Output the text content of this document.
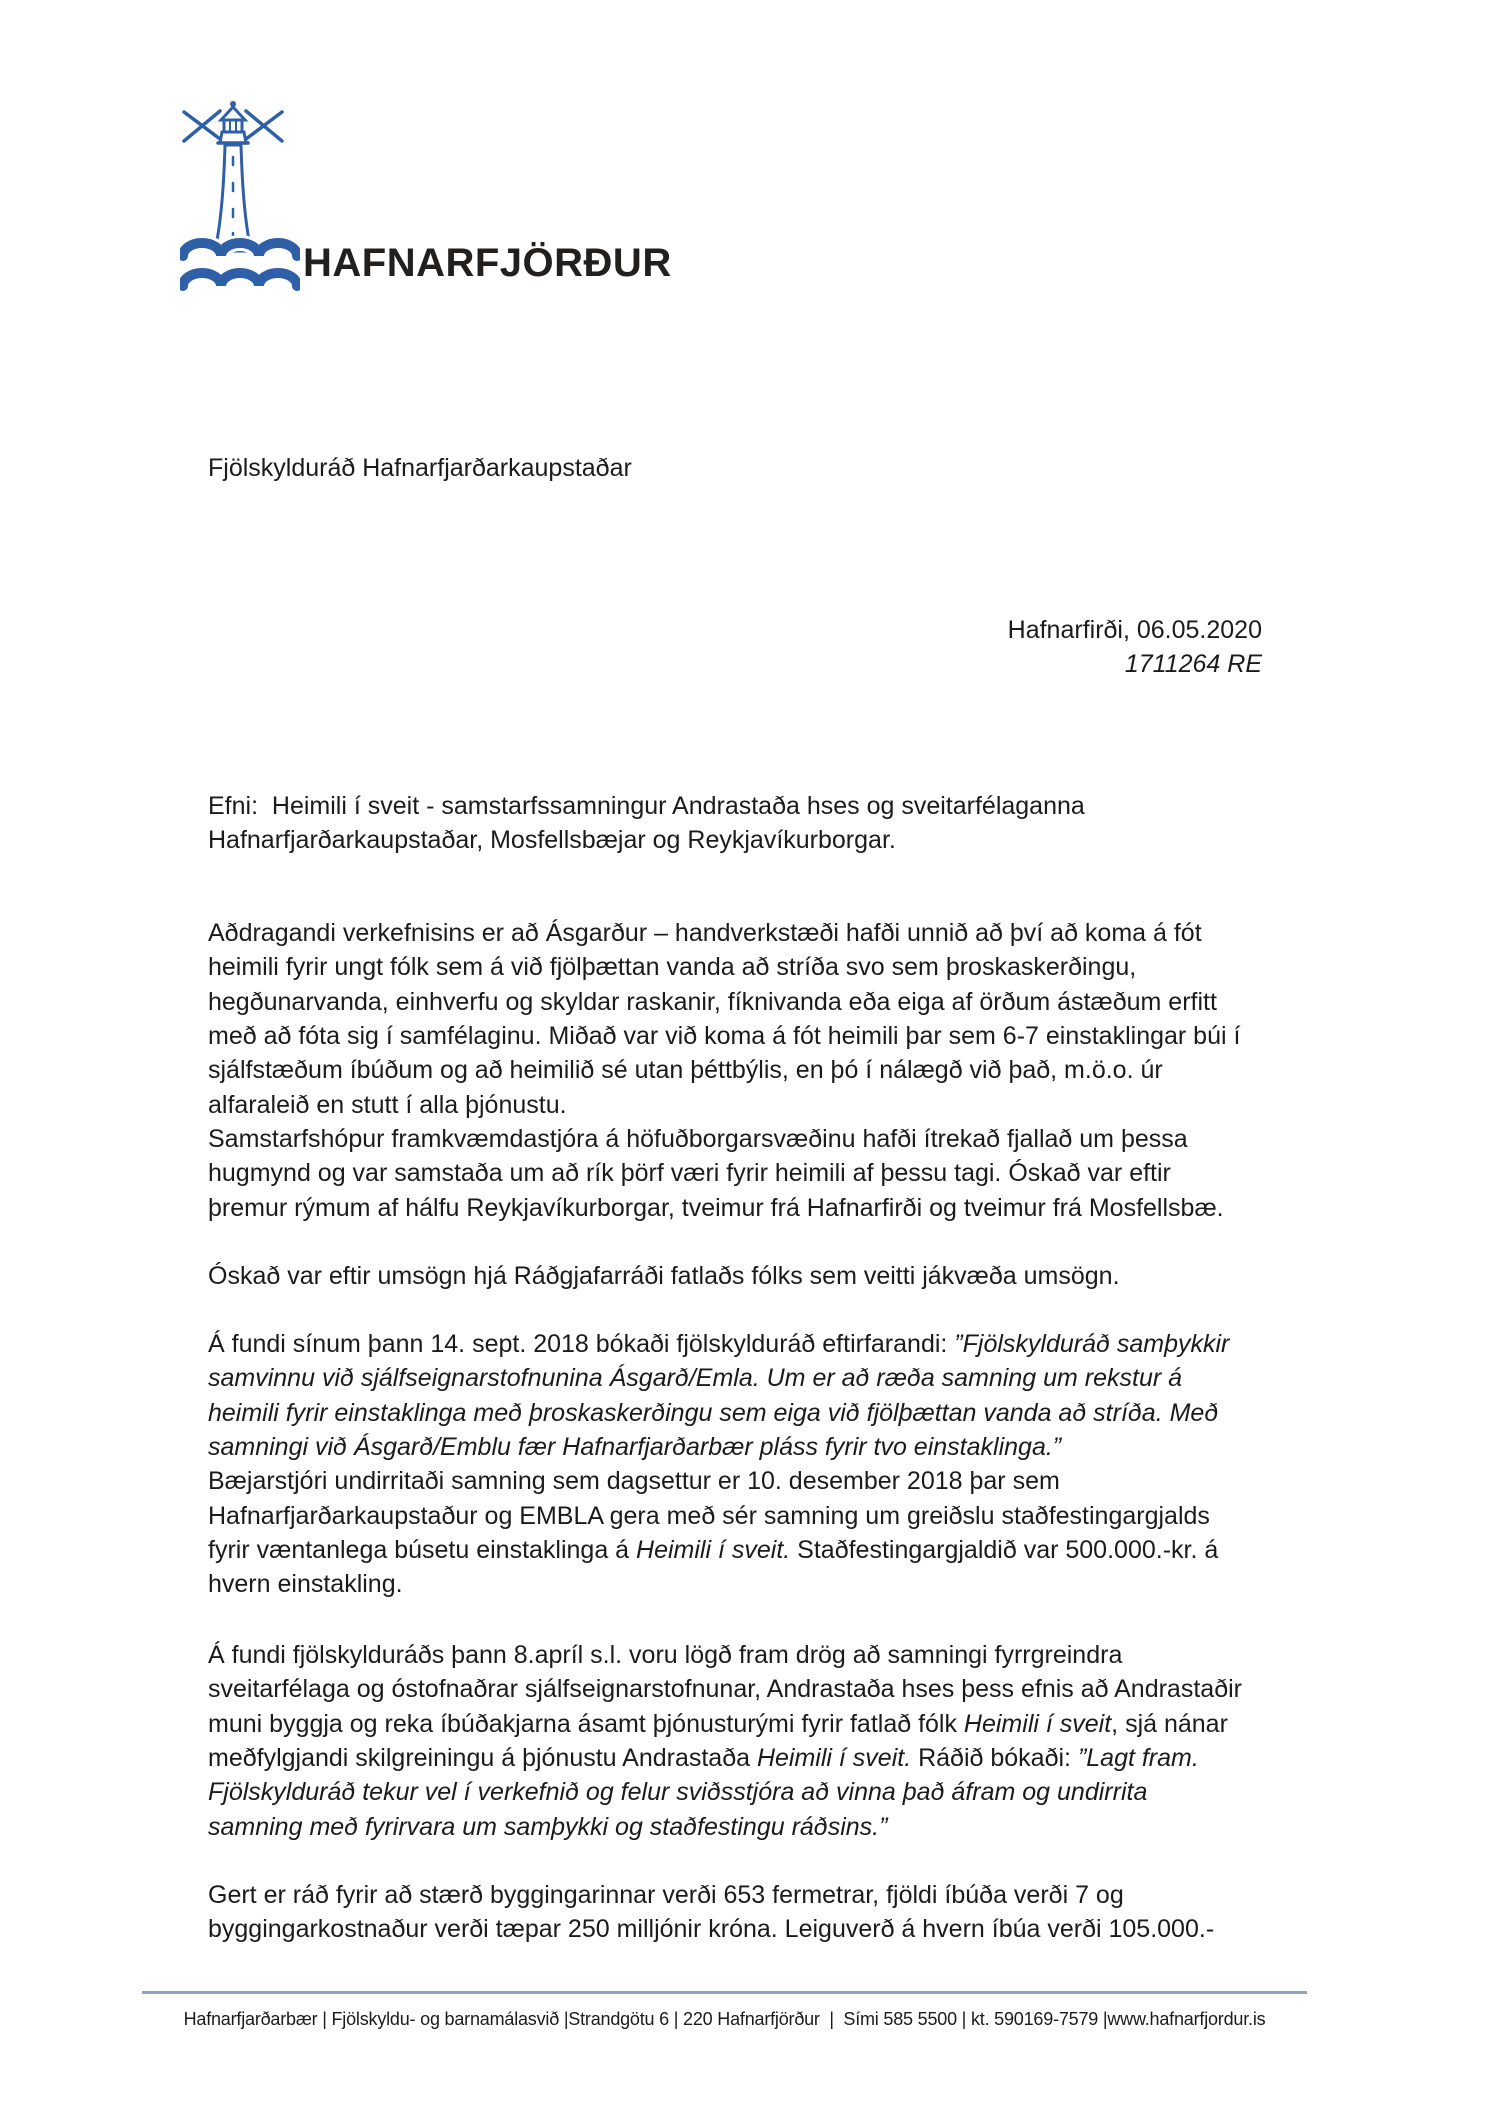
HAFNARFJÖRÐUR
Fjölskylduráð Hafnarfjarðarkaupstaðar
Hafnarfirði, 06.05.2020
1711264 RE
Efni:  Heimili í sveit - samstarfssamningur Andrastaða hses og sveitarfélaganna
Hafnarfjarðarkaupstaðar, Mosfellsbæjar og Reykjavíkurborgar.
Aðdragandi verkefnisins er að Ásgarður – handverkstæði hafði unnið að því að koma á fót
heimili fyrir ungt fólk sem á við fjölþættan vanda að stríða svo sem þroskaskerðingu,
hegðunarvanda, einhverfu og skyldar raskanir, fíknivanda eða eiga af örðum ástæðum erfitt
með að fóta sig í samfélaginu. Miðað var við koma á fót heimili þar sem 6-7 einstaklingar búi í
sjálfstæðum íbúðum og að heimilið sé utan þéttbýlis, en þó í nálægð við það, m.ö.o. úr
alfaraleið en stutt í alla þjónustu.
Samstarfshópur framkvæmdastjóra á höfuðborgarsvæðinu hafði ítrekað fjallað um þessa
hugmynd og var samstaða um að rík þörf væri fyrir heimili af þessu tagi. Óskað var eftir
þremur rýmum af hálfu Reykjavíkurborgar, tveimur frá Hafnarfirði og tveimur frá Mosfellsbæ.
Óskað var eftir umsögn hjá Ráðgjafarráði fatlaðs fólks sem veitti jákvæða umsögn.
Á fundi sínum þann 14. sept. 2018 bókaði fjölskylduráð eftirfarandi: ”Fjölskylduráð samþykkir
samvinnu við sjálfseignarstofnunina Ásgarð/Emla. Um er að ræða samning um rekstur á
heimili fyrir einstaklinga með þroskaskerðingu sem eiga við fjölþættan vanda að stríða. Með
samningi við Ásgarð/Emblu fær Hafnarfjarðarbær pláss fyrir tvo einstaklinga.”
Bæjarstjóri undirritaði samning sem dagsettur er 10. desember 2018 þar sem
Hafnarfjarðarkaupstaður og EMBLA gera með sér samning um greiðslu staðfestingargjalds
fyrir væntanlega búsetu einstaklinga á Heimili í sveit. Staðfestingargjaldið var 500.000.-kr. á
hvern einstakling.
Á fundi fjölskylduráðs þann 8.apríl s.l. voru lögð fram drög að samningi fyrrgreindra
sveitarfélaga og óstofnaðrar sjálfseignarstofnunar, Andrastaða hses þess efnis að Andrastaðir
muni byggja og reka íbúðakjarna ásamt þjónusturými fyrir fatlað fólk Heimili í sveit, sjá nánar
meðfylgjandi skilgreiningu á þjónustu Andrastaða Heimili í sveit. Ráðið bókaði: ”Lagt fram.
Fjölskylduráð tekur vel í verkefnið og felur sviðsstjóra að vinna það áfram og undirrita
samning með fyrirvara um samþykki og staðfestingu ráðsins.”
Gert er ráð fyrir að stærð byggingarinnar verði 653 fermetrar, fjöldi íbúða verði 7 og
byggingarkostnaður verði tæpar 250 milljónir króna. Leiguverð á hvern íbúa verði 105.000.-
Hafnarfjarðarbær | Fjölskyldu- og barnamálasvið |Strandgötu 6 | 220 Hafnarfjörður  |  Sími 585 5500 | kt. 590169-7579 |www.hafnarfjordur.is
